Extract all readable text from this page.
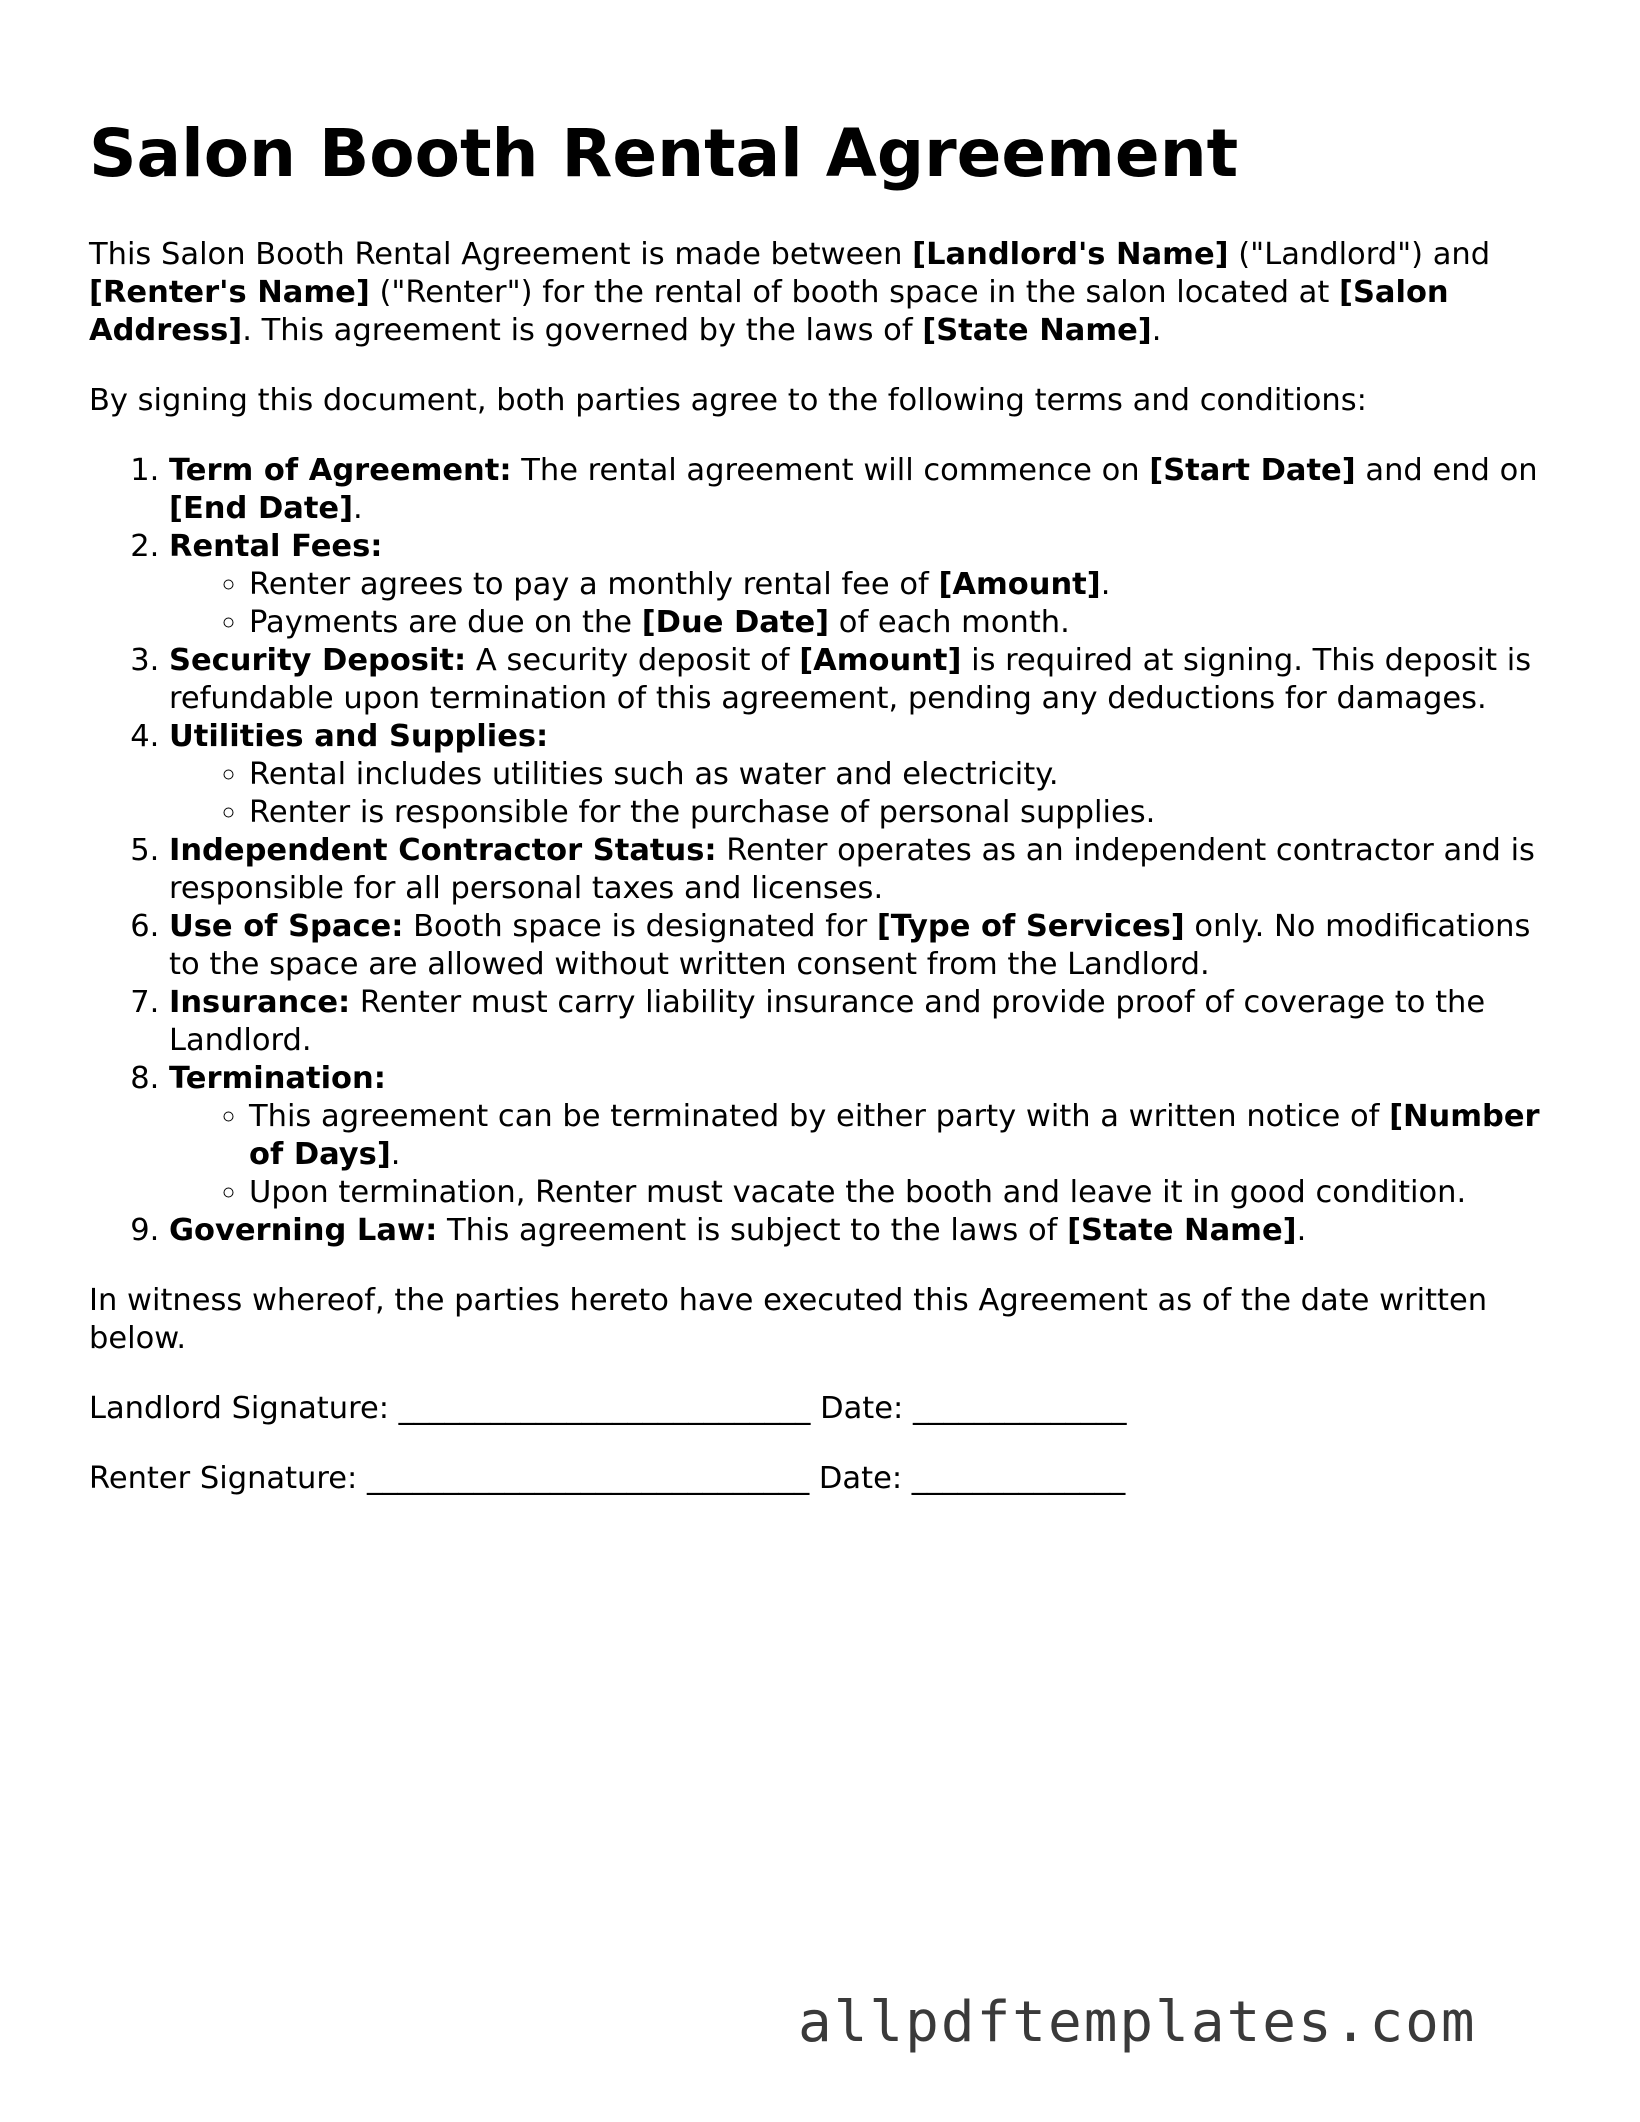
Salon Booth Rental Agreement

This Salon Booth Rental Agreement is made between [Landlord's Name] ("Landlord") and [Renter's Name] ("Renter") for the rental of booth space in the salon located at [Salon Address]. This agreement is governed by the laws of [State Name].

By signing this document, both parties agree to the following terms and conditions:

1. Term of Agreement: The rental agreement will commence on [Start Date] and end on [End Date].
2. Rental Fees:
◦ Renter agrees to pay a monthly rental fee of [Amount].
◦ Payments are due on the [Due Date] of each month.
3. Security Deposit: A security deposit of [Amount] is required at signing. This deposit is refundable upon termination of this agreement, pending any deductions for damages.
4. Utilities and Supplies:
◦ Rental includes utilities such as water and electricity.
◦ Renter is responsible for the purchase of personal supplies.
5. Independent Contractor Status: Renter operates as an independent contractor and is responsible for all personal taxes and licenses.
6. Use of Space: Booth space is designated for [Type of Services] only. No modifications to the space are allowed without written consent from the Landlord.
7. Insurance: Renter must carry liability insurance and provide proof of coverage to the Landlord.
8. Termination:
◦ This agreement can be terminated by either party with a written notice of [Number of Days].
◦ Upon termination, Renter must vacate the booth and leave it in good condition.
9. Governing Law: This agreement is subject to the laws of [State Name].

In witness whereof, the parties hereto have executed this Agreement as of the date written below.

Landlord Signature: ___________________________ Date: ______________
Renter Signature: _____________________________ Date: ______________
allpdftemplates.com
